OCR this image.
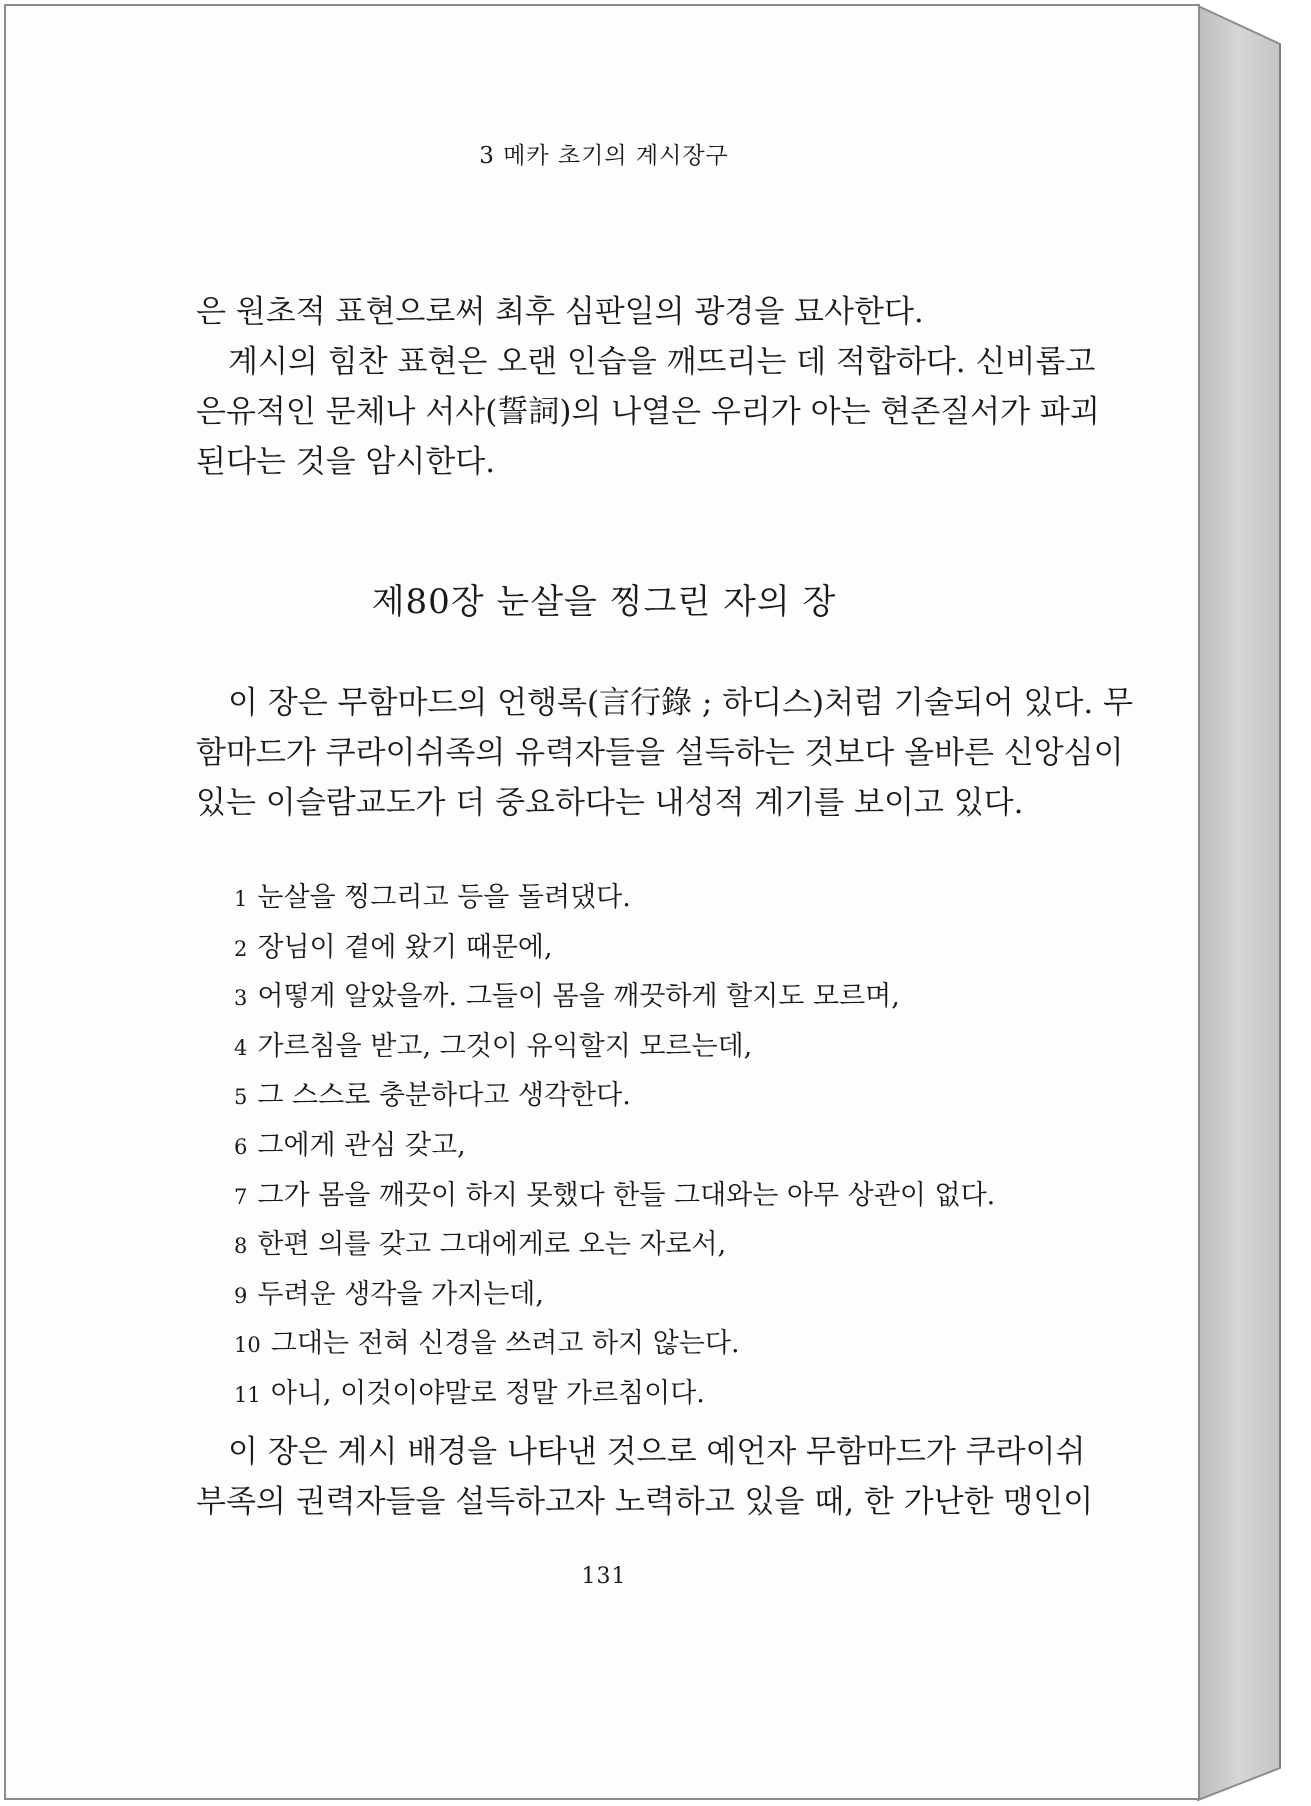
3 메카 초기의 계시장구

은 원초적 표현으로써 최후 심판일의 광경을 묘사한다.

계시의 힘찬 표현은 오랜 인습을 깨뜨리는 데 적합하다. 신비롭고
은유적인 문체나 서사(誓詞)의 나열은 우리가 아는 현존질서가 파괴
된다는 것을 암시한다.

제80장 눈살을 찡그린 자의 장

이 장은 무함마드의 언행록(言行錄 ; 하디스)처럼 기술되어 있다. 무
함마드가 쿠라이쉬족의 유력자들을 설득하는 것보다 올바른 신앙심이
있는 이슬람교도가 더 중요하다는 내성적 계기를 보이고 있다.

1 눈살을 찡그리고 등을 돌려댔다.
2 장님이 곁에 왔기 때문에,
3 어떻게 알았을까. 그들이 몸을 깨끗하게 할지도 모르며,
4 가르침을 받고, 그것이 유익할지 모르는데,
5 그 스스로 충분하다고 생각한다.
6 그에게 관심 갖고,
7 그가 몸을 깨끗이 하지 못했다 한들 그대와는 아무 상관이 없다.
8 한편 의를 갖고 그대에게로 오는 자로서,
9 두려운 생각을 가지는데,
10 그대는 전혀 신경을 쓰려고 하지 않는다.
11 아니, 이것이야말로 정말 가르침이다.

이 장은 계시 배경을 나타낸 것으로 예언자 무함마드가 쿠라이쉬
부족의 권력자들을 설득하고자 노력하고 있을 때, 한 가난한 맹인이

131
